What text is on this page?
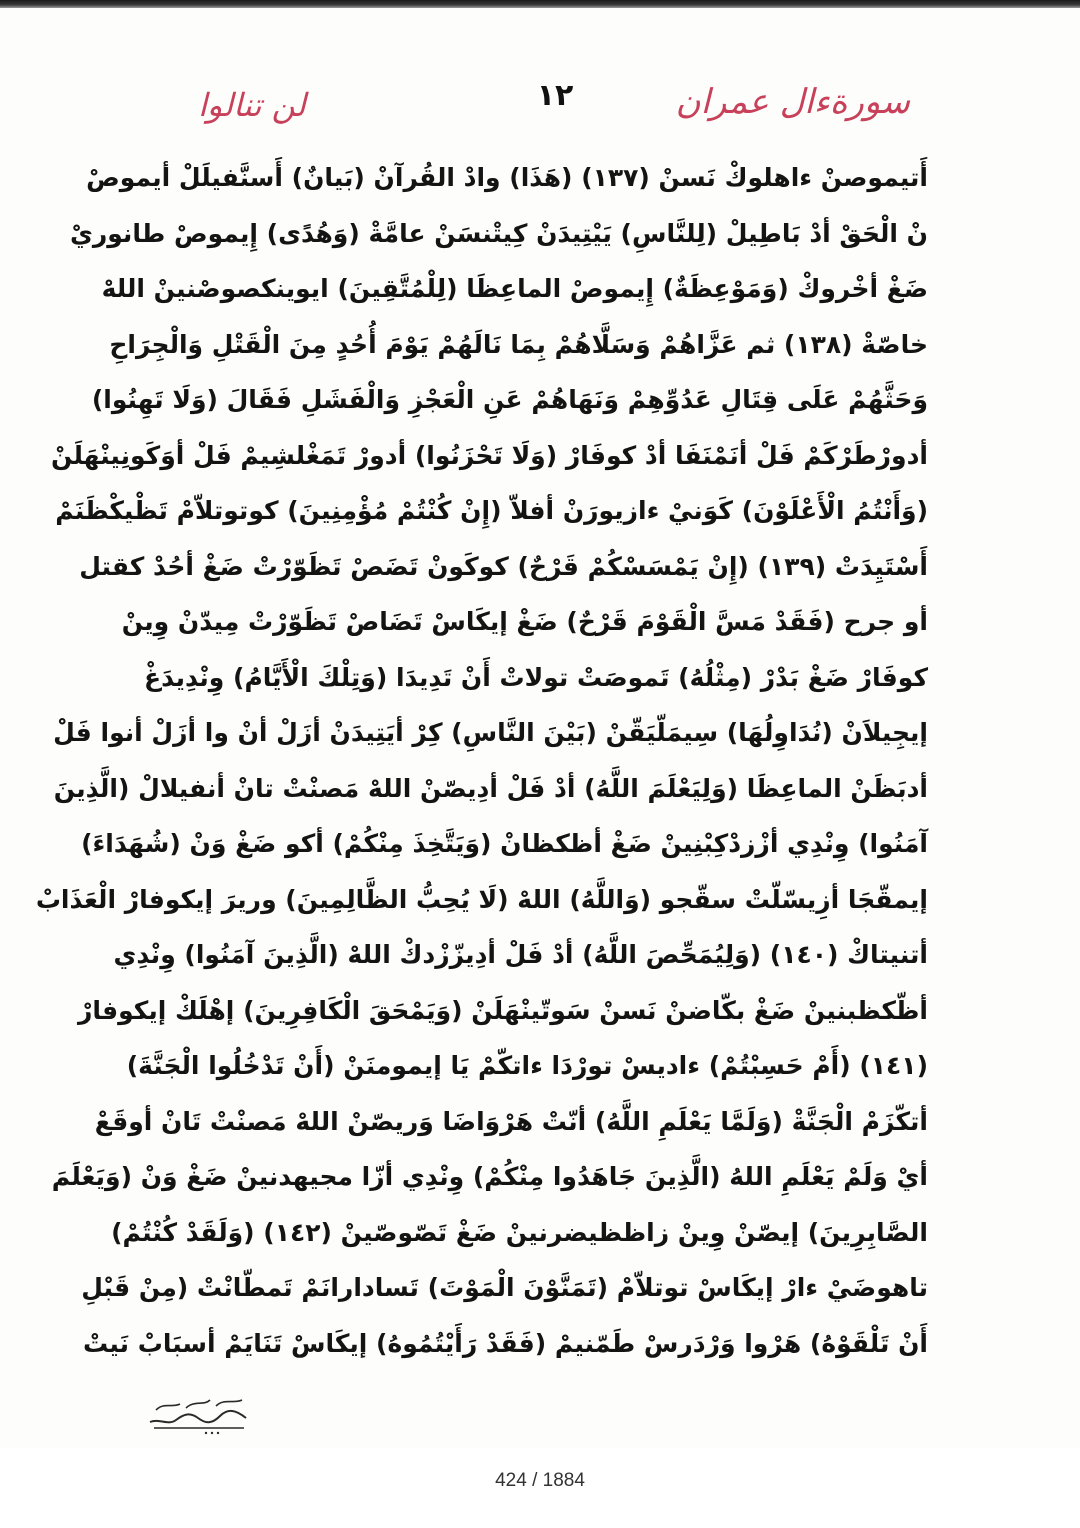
سورةءال عمران
١٢
لن تنالوا
أَتيموصنْ ءاهلوكْ نَسنْ (١٣٧) (هَذَا) وادْ القُرآنْ (بَيانٌ) أَسنَّفيلَلْ أيموصْ
نْ الْحَقْ أدْ بَاطِيلْ (لِلنَّاسِ) يَيْتِيدَنْ كِيتْنسَنْ عامَّةْ (وَهُدًى) إِيموصْ طانوريْ
ضَغْ أخْروكْ (وَمَوْعِظَةٌ) إِيموصْ الماعِظَا (لِلْمُتَّقِينَ) ايوينكصوصْنينْ اللهْ
خاصّةْ (١٣٨) ثم عَزَّاهُمْ وَسَلَّاهُمْ بِمَا نَالَهُمْ يَوْمَ أُحُدٍ مِنَ الْقَتْلِ وَالْجِرَاحِ
وَحَثَّهُمْ عَلَى قِتَالِ عَدُوِّهِمْ وَنَهَاهُمْ عَنِ الْعَجْزِ وَالْفَشَلِ فَقَالَ (وَلَا تَهِنُوا)
أدورْطَرْكَمْ فَلْ أنَمْنَفَا أدْ كوفَارْ (وَلَا تَحْزَنُوا) أدورْ تَمَغْلشِيمْ فَلْ أوَكَونِينْهَلَنْ
(وَأَنْتُمُ الْأَعْلَوْنَ) كَوَنيْ ءازيورَنْ أفلاّ (إِنْ كُنْتُمْ مُؤْمِنِينَ) كوتوتلاّمْ تَظْيكْظَنَمْ
أَسْتَيِدَتْ (١٣٩) (إِنْ يَمْسَسْكُمْ قَرْحٌ) كوكَونْ تَضَصْ تَظَوّرْتْ ضَغْ أحُدْ كقتل
أو جرح (فَقَدْ مَسَّ الْقَوْمَ قَرْحٌ) ضَغْ إيكَاسْ تَضَاصْ تَظَوّرْتْ مِيدّنْ وِينْ
كوفَارْ ضَغْ بَدْرْ (مِثْلُهُ) تَموصَتْ تولاتْ أَنْ تَدِيدَا (وَتِلْكَ الْأَيَّامُ) وِنْدِيدَغْ
إيجِيلاَنْ (نُدَاوِلُهَا) سِيمَلّيَقّنْ (بَيْنَ النَّاسِ) كِرْ أيَتِيدَنْ أزَلْ أنْ وا أزَلْ أنوا فَلْ
أدبَظَنْ الماعِظَا (وَلِيَعْلَمَ اللَّهُ) أدْ فَلْ أدِيصّنْ اللهْ مَصنْتْ تانْ أنفيلالْ (الَّذِينَ
آمَنُوا) وِنْدِي أزْزدْكِبْنِينْ ضَغْ أظكظانْ (وَيَتَّخِذَ مِنْكُمْ) أكو ضَغْ وَنْ (شُهَدَاءَ)
إيمقّجَا أزِيسّلّتْ سقّجو (وَاللَّهُ) اللهْ (لَا يُحِبُّ الظَّالِمِينَ) وريرَ إيكوفارْ الْعَذَابْ
أتنيتاكْ (١٤٠) (وَلِيُمَحِّصَ اللَّهُ) أدْ فَلْ أدِيزّزْدكْ اللهْ (الَّذِينَ آمَنُوا) وِنْدِي
أظّكظبنينْ ضَغْ بكّاضنْ نَسنْ سَوتّينْهَلَنْ (وَيَمْحَقَ الْكَافِرِينَ) إهْلَكْ إيكوفارْ
(١٤١) (أَمْ حَسِبْتُمْ) ءاديسْ تورْدَا ءاتكّمْ يَا إيمومنَنْ (أَنْ تَدْخُلُوا الْجَنَّةَ)
أتكّزَمْ الْجَنَّةْ (وَلَمَّا يَعْلَمِ اللَّهُ) أنّتْ هَرْوَاضَا وَريصّنْ اللهْ مَصنْتْ تَانْ أوقَعْ
أيْ وَلَمْ يَعْلَمِ اللهُ (الَّذِينَ جَاهَدُوا مِنْكُمْ) وِنْدِي أزّا مجيهدنينْ ضَغْ وَنْ (وَيَعْلَمَ
الصَّابِرِينَ) إيصّنْ وِينْ زاظظيضرنينْ ضَغْ تَصّوصّينْ (١٤٢) (وَلَقَدْ كُنْتُمْ)
تاهوضَيْ ءارْ إيكَاسْ توتلاّمْ (تَمَنَّوْنَ الْمَوْتَ) تَسادارانَمْ تَمطّانْتْ (مِنْ قَبْلِ
أَنْ تَلْقَوْهُ) هَرْوا وَرْدَرسْ طَمّنيمْ (فَقَدْ رَأَيْتُمُوهُ) إيكَاسْ تَنَايَمْ أسبَابْ نَيتْ
424 / 1884
